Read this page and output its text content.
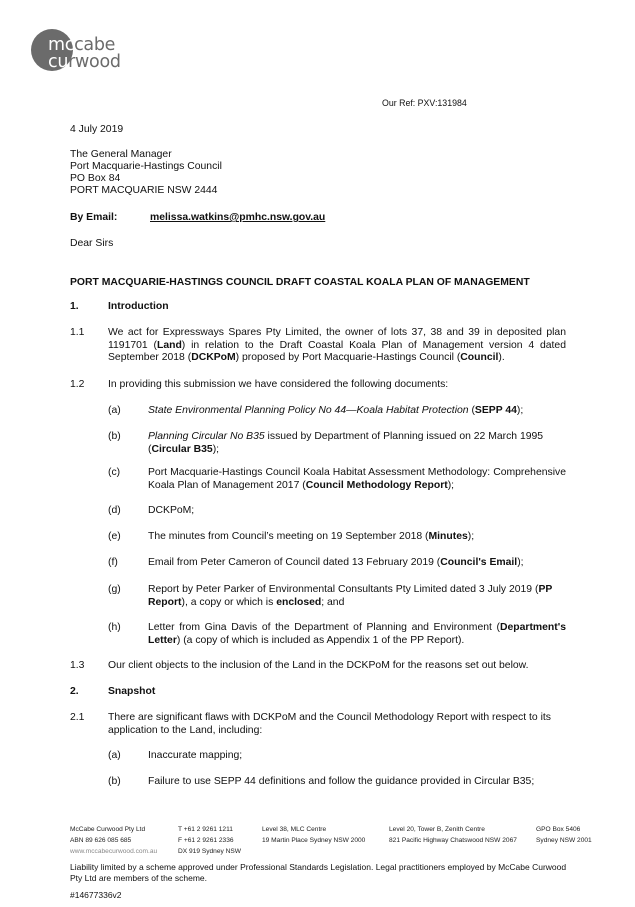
mccabe
curwood
Our Ref: PXV:131984
4 July 2019
The General Manager
Port Macquarie-Hastings Council
PO Box 84
PORT MACQUARIE NSW 2444
By Email:	melissa.watkins@pmhc.nsw.gov.au
Dear Sirs
PORT MACQUARIE-HASTINGS COUNCIL DRAFT COASTAL KOALA PLAN OF MANAGEMENT
1.	Introduction
1.1 We act for Expressways Spares Pty Limited, the owner of lots 37, 38 and 39 in deposited plan 1191701 (Land) in relation to the Draft Coastal Koala Plan of Management version 4 dated September 2018 (DCKPoM) proposed by Port Macquarie-Hastings Council (Council).
1.2 In providing this submission we have considered the following documents:
(a)	State Environmental Planning Policy No 44—Koala Habitat Protection (SEPP 44);
(b)	Planning Circular No B35 issued by Department of Planning issued on 22 March 1995 (Circular B35);
(c)	Port Macquarie-Hastings Council Koala Habitat Assessment Methodology: Comprehensive Koala Plan of Management 2017 (Council Methodology Report);
(d)	DCKPoM;
(e)	The minutes from Council’s meeting on 19 September 2018 (Minutes);
(f)	Email from Peter Cameron of Council dated 13 February 2019 (Council's Email);
(g)	Report by Peter Parker of Environmental Consultants Pty Limited dated 3 July 2019 (PP Report), a copy or which is enclosed; and
(h)	Letter from Gina Davis of the Department of Planning and Environment (Department's Letter) (a copy of which is included as Appendix 1 of the PP Report).
1.3 Our client objects to the inclusion of the Land in the DCKPoM for the reasons set out below.
2.	Snapshot
2.1 There are significant flaws with DCKPoM and the Council Methodology Report with respect to its application to the Land, including:
(a)	Inaccurate mapping;
(b)	Failure to use SEPP 44 definitions and follow the guidance provided in Circular B35;
McCabe Curwood Pty Ltd
ABN 89 626 085 685
www.mccabecurwood.com.au
T +61 2 9261 1211
F +61 2 9261 2336
DX 919 Sydney NSW
Level 38, MLC Centre
19 Martin Place Sydney NSW 2000
Level 20, Tower B, Zenith Centre
821 Pacific Highway Chatswood NSW 2067
GPO Box 5406
Sydney NSW 2001
Liability limited by a scheme approved under Professional Standards Legislation. Legal practitioners employed by McCabe Curwood Pty Ltd are members of the scheme.
#14677336v2
